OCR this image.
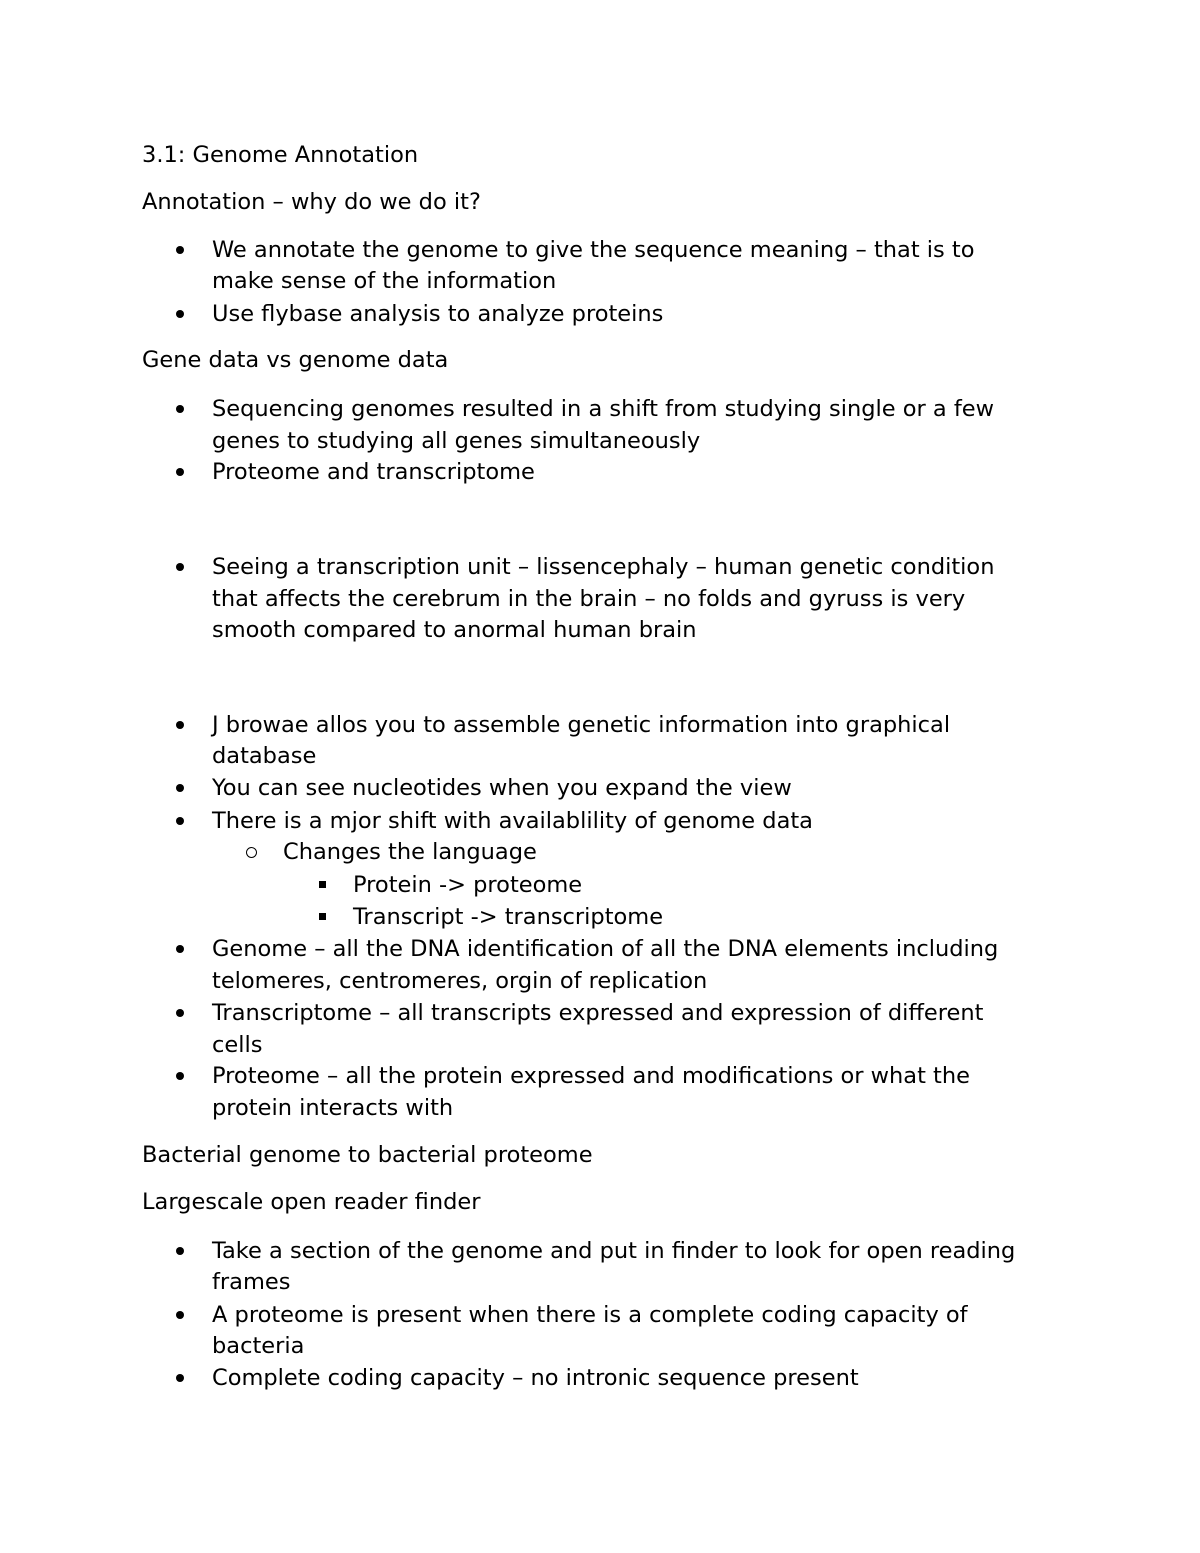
3.1: Genome Annotation

Annotation – why do we do it?

We annotate the genome to give the sequence meaning – that is to

make sense of the information

Use flybase analysis to analyze proteins

Gene data vs genome data

Sequencing genomes resulted in a shift from studying single or a few

genes to studying all genes simultaneously

Proteome and transcriptome

Seeing a transcription unit – lissencephaly – human genetic condition

that affects the cerebrum in the brain – no folds and gyruss is very

smooth compared to anormal human brain

J browae allos you to assemble genetic information into graphical

database

You can see nucleotides when you expand the view

There is a mjor shift with availablility of genome data

Changes the language

Protein -> proteome

Transcript -> transcriptome

Genome – all the DNA identification of all the DNA elements including

telomeres, centromeres, orgin of replication

Transcriptome – all transcripts expressed and expression of different

cells

Proteome – all the protein expressed and modifications or what the

protein interacts with

Bacterial genome to bacterial proteome

Largescale open reader finder

Take a section of the genome and put in finder to look for open reading

frames

A proteome is present when there is a complete coding capacity of

bacteria

Complete coding capacity – no intronic sequence present
